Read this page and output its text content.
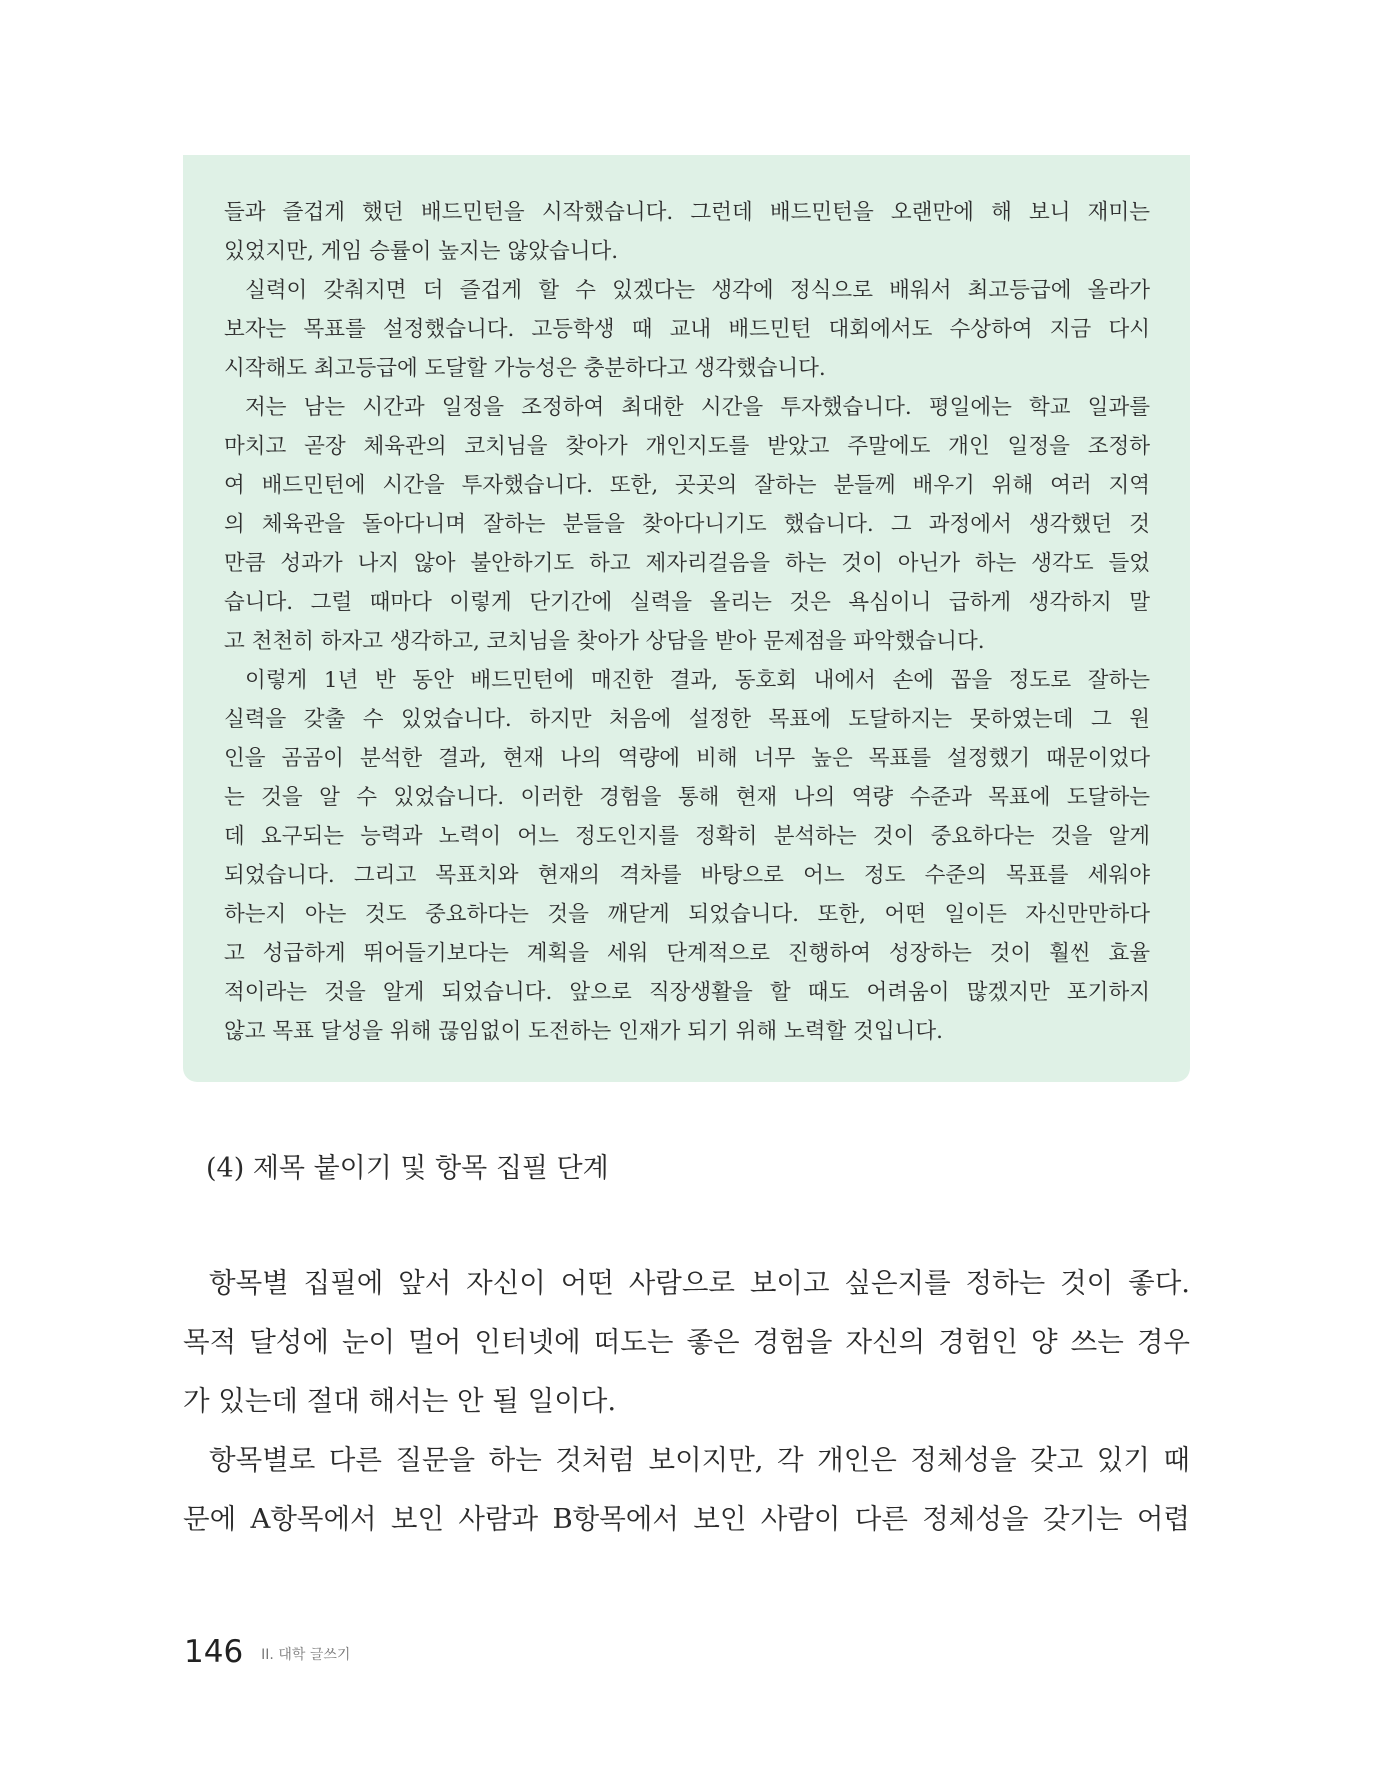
들과 즐겁게 했던 배드민턴을 시작했습니다. 그런데 배드민턴을 오랜만에 해 보니 재미는
있었지만, 게임 승률이 높지는 않았습니다.
실력이 갖춰지면 더 즐겁게 할 수 있겠다는 생각에 정식으로 배워서 최고등급에 올라가
보자는 목표를 설정했습니다. 고등학생 때 교내 배드민턴 대회에서도 수상하여 지금 다시
시작해도 최고등급에 도달할 가능성은 충분하다고 생각했습니다.
저는 남는 시간과 일정을 조정하여 최대한 시간을 투자했습니다. 평일에는 학교 일과를
마치고 곧장 체육관의 코치님을 찾아가 개인지도를 받았고 주말에도 개인 일정을 조정하
여 배드민턴에 시간을 투자했습니다. 또한, 곳곳의 잘하는 분들께 배우기 위해 여러 지역
의 체육관을 돌아다니며 잘하는 분들을 찾아다니기도 했습니다. 그 과정에서 생각했던 것
만큼 성과가 나지 않아 불안하기도 하고 제자리걸음을 하는 것이 아닌가 하는 생각도 들었
습니다. 그럴 때마다 이렇게 단기간에 실력을 올리는 것은 욕심이니 급하게 생각하지 말
고 천천히 하자고 생각하고, 코치님을 찾아가 상담을 받아 문제점을 파악했습니다.
이렇게 1년 반 동안 배드민턴에 매진한 결과, 동호회 내에서 손에 꼽을 정도로 잘하는
실력을 갖출 수 있었습니다. 하지만 처음에 설정한 목표에 도달하지는 못하였는데 그 원
인을 곰곰이 분석한 결과, 현재 나의 역량에 비해 너무 높은 목표를 설정했기 때문이었다
는 것을 알 수 있었습니다. 이러한 경험을 통해 현재 나의 역량 수준과 목표에 도달하는
데 요구되는 능력과 노력이 어느 정도인지를 정확히 분석하는 것이 중요하다는 것을 알게
되었습니다. 그리고 목표치와 현재의 격차를 바탕으로 어느 정도 수준의 목표를 세워야
하는지 아는 것도 중요하다는 것을 깨닫게 되었습니다. 또한, 어떤 일이든 자신만만하다
고 성급하게 뛰어들기보다는 계획을 세워 단계적으로 진행하여 성장하는 것이 훨씬 효율
적이라는 것을 알게 되었습니다. 앞으로 직장생활을 할 때도 어려움이 많겠지만 포기하지
않고 목표 달성을 위해 끊임없이 도전하는 인재가 되기 위해 노력할 것입니다.
(4) 제목 붙이기 및 항목 집필 단계
항목별 집필에 앞서 자신이 어떤 사람으로 보이고 싶은지를 정하는 것이 좋다.
목적 달성에 눈이 멀어 인터넷에 떠도는 좋은 경험을 자신의 경험인 양 쓰는 경우
가 있는데 절대 해서는 안 될 일이다.
항목별로 다른 질문을 하는 것처럼 보이지만, 각 개인은 정체성을 갖고 있기 때
문에 A항목에서 보인 사람과 B항목에서 보인 사람이 다른 정체성을 갖기는 어렵
146 II. 대학 글쓰기
